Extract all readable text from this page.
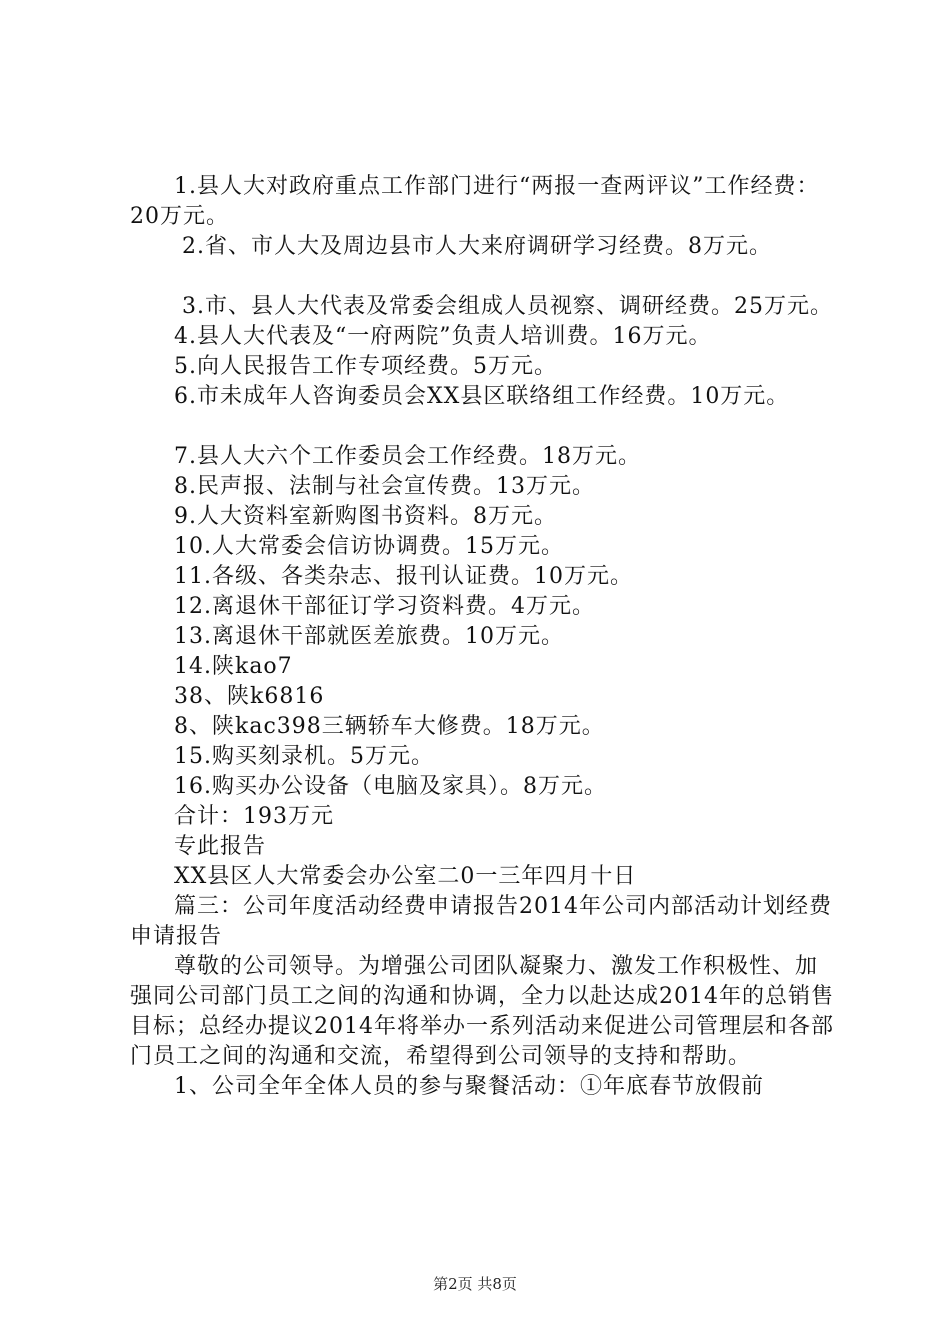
1.县人大对政府重点工作部门进行“两报一查两评议”工作经费：20万元。

2.省、市人大及周边县市人大来府调研学习经费。8万元。

3.市、县人大代表及常委会组成人员视察、调研经费。25万元。

4.县人大代表及“一府两院”负责人培训费。16万元。

5.向人民报告工作专项经费。5万元。

6.市未成年人咨询委员会XX县区联络组工作经费。10万元。

7.县人大六个工作委员会工作经费。18万元。

8.民声报、法制与社会宣传费。13万元。

9.人大资料室新购图书资料。8万元。

10.人大常委会信访协调费。15万元。

11.各级、各类杂志、报刊认证费。10万元。

12.离退休干部征订学习资料费。4万元。

13.离退休干部就医差旅费。10万元。

14.陕kao7

38、陕k6816

8、陕kac398三辆轿车大修费。18万元。

15.购买刻录机。5万元。

16.购买办公设备（电脑及家具）。8万元。

合计：193万元

专此报告

XX县区人大常委会办公室二0一三年四月十日

篇三：公司年度活动经费申请报告2014年公司内部活动计划经费申请报告

尊敬的公司领导。为增强公司团队凝聚力、激发工作积极性、加强同公司部门员工之间的沟通和协调，全力以赴达成2014年的总销售目标；总经办提议2014年将举办一系列活动来促进公司管理层和各部门员工之间的沟通和交流，希望得到公司领导的支持和帮助。

1、公司全年全体人员的参与聚餐活动：①年底春节放假前

第2页 共8页
